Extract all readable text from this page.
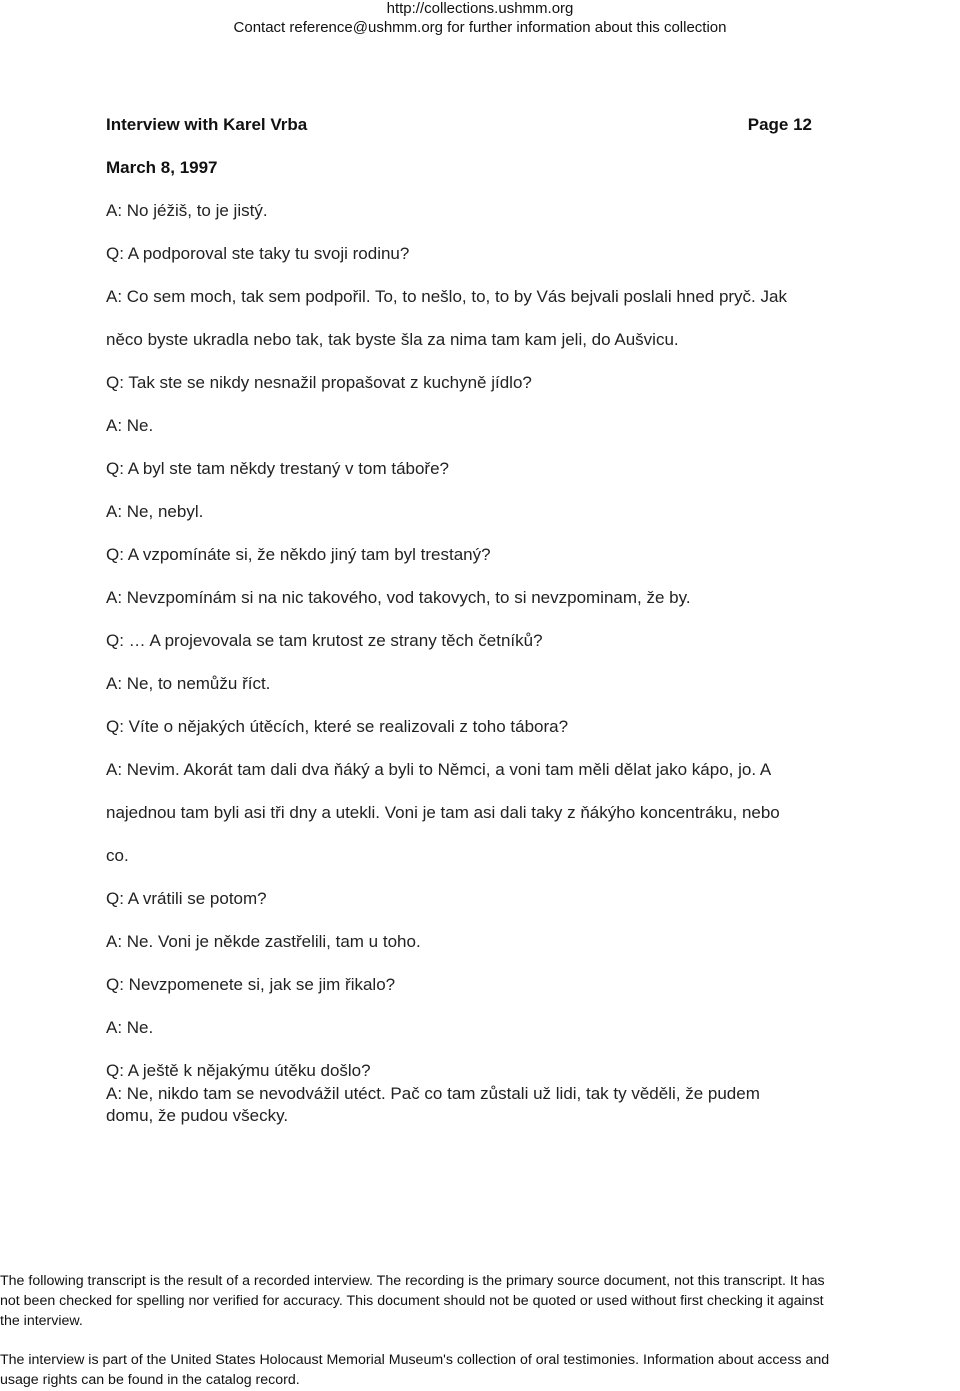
http://collections.ushmm.org
Contact reference@ushmm.org for further information about this collection
Interview with Karel Vrba	Page 12
March 8, 1997
A: No jéžiš, to je jistý.
Q: A podporoval ste taky tu svoji rodinu?
A: Co sem moch, tak sem podpořil. To, to nešlo, to, to by Vás bejvali poslali hned pryč. Jak
něco byste ukradla nebo tak, tak byste šla za nima tam kam jeli, do Aušvicu.
Q: Tak ste se nikdy nesnažil propašovat z kuchyně jídlo?
A: Ne.
Q: A byl ste tam někdy trestaný v tom táboře?
A: Ne, nebyl.
Q: A vzpomínáte si, že někdo jiný tam byl trestaný?
A: Nevzpomínám si na nic takového, vod takovych, to si nevzpominam, že by.
Q: … A projevovala se tam krutost ze strany těch četníků?
A: Ne, to nemůžu říct.
Q: Víte o nějakých útěcích, které se realizovali z toho tábora?
A: Nevim. Akorát tam dali dva ňáký a byli to Němci, a voni tam měli dělat jako kápo, jo. A
najednou tam byli asi tři dny a utekli. Voni je tam asi dali taky z ňákýho koncentráku, nebo
co.
Q: A vrátili se potom?
A: Ne. Voni je někde zastřelili, tam u toho.
Q: Nevzpomenete si, jak se jim řikalo?
A: Ne.
Q: A ještě k nějakýmu útěku došlo?
A: Ne, nikdo tam se nevodvážil utéct. Pač co tam zůstali už lidi, tak ty věděli, že pudem
domu, že pudou všecky.
The following transcript is the result of a recorded interview. The recording is the primary source document, not this transcript. It has
not been checked for spelling nor verified for accuracy. This document should not be quoted or used without first checking it against
the interview.
The interview is part of the United States Holocaust Memorial Museum's collection of oral testimonies. Information about access and
usage rights can be found in the catalog record.
